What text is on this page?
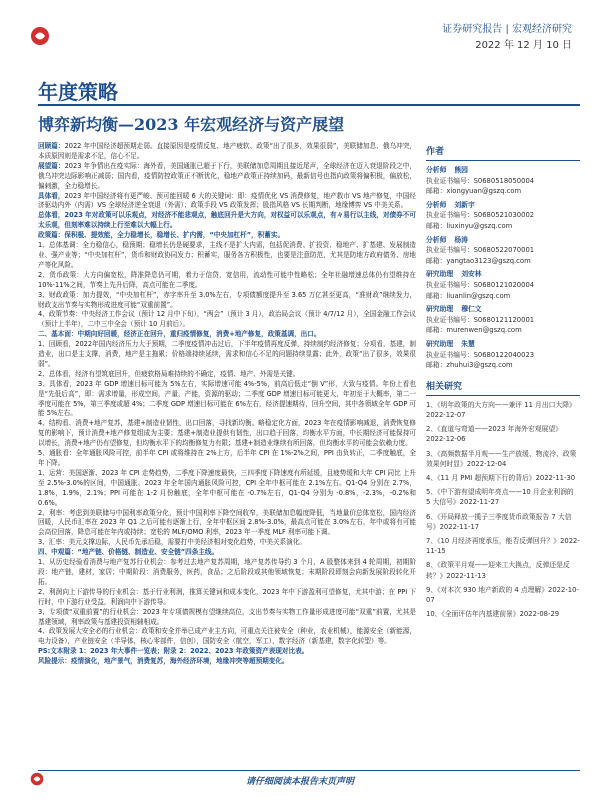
证券研究报告 | 宏观经济研究
2022 年 12 月 10 日
年度策略
博弈新均衡—2023 年宏观经济与资产展望

回顾篇：2022 年中国经济超预期走弱。直接原因是疫情反复、地产疲软、政策“出了很多，效果很弱”，美联储加息、俄乌冲突，本质原因则是需求不足，信心不足。

展望篇：2023 年争情出在疫实际：海外看，美国通胀已超于下行，美联储加息周期且接近尾声，全球经济在迈入衰退阶段之中，俄乌冲突边际影响正减弱；国内看，疫情防控政策正不断优化，稳地产政策正持续加码，最新信号也指向政策将偏积极，偏放松，偏刺激，全力稳增长。

具体看，2023 年中国经济将有更严峻、预可能回暖 6 大的关键词：即：疫情优化 VS 消费修复，地产救市 VS 地产修复，中国经济驱动内外（内需）VS 全球经济逆全衰退（外需）；政策手段 VS 政策发挥；股指风格 VS 长期判断，地缘博弈 VS 中美关系。

总体看，2023 年对政策可以乐观点，对经济不能悲观点，触底回升是大方向，对权益可以乐观点，有々易行以主线，对债券不可太乐观，但刻率难以持续上行至难以大幅上行。

政策篇：保积极、提效能，全力稳增长，稳增长、扩内需，“中央加杠杆”，积蓄实。

1、总体基调：全力稳信心，稳预期；稳增长仍是硬要求，主线不是扩大内需，包括促消费、扩投资、稳地产、扩基建、发展制造业、强产业等；“中央加杠杆”，货币和财政协同发力；积蓄实，服务各方积极性，也要是注意防范，尤其是防地方政府债务、房地产等化风险。

2、货币政策：大方向偏宽松，降准降息仍可期，着力于信贷，宽信用，流动性可能中性略松；全年社融增速总体仍有望维持在 10%-11%之间，节奏上先升后降，高点可能在二季度。

3、财政政策：加力提效，“中央加杠杆”，赤字率升至 3.0%左右，专项债额度提升至 3.65 万亿甚至更高，“准财政”继续发力，财政支出节奏与实物形成进度可能“双重前置”。

4、政策节奏：中央经济工作会议（预计 12 月中下旬），“两会”（预计 3 月），政治局会议（预计 4/7/12 月），全国金融工作会议（预计上半年），二中三中全会（预计 10 月前后）。

二、基本面：中期向好回暖，经济正在回升，重归疫情修复，消费+地产修复，政策基调，出口。

1、回顾看，2022年国内经济压力大于预期，二季度疫情冲击过后，下半年疫情再度反弹，持续制约经济修复；分项看，基建，制造业，出口是主支撑，消费，地产是主拖累；价格端持续延续，需求和信心不足的问题持续显露；此外，政策“出了很多，效果很弱”。

2、总体看，经济有望筑底回升，但疲软格局难持续的不确定，疫情、地产、外需是关键。

3、具体看，2023 年 GDP 增速目标可能为 5%左右，实际增速可能 4%-5%，前高后低走“倒 V”形，大致与疫情。年份上看也是“先低后高”，即：需求增量，形成空间，产量，产能，资源的驱动；二季度 GDP 增速目标可能更大，年初至于大概率，第二一季度可能在 5%，第三季度或超 4%；二季度 GDP 增速目标可能在 6%左右，经济提速期待，回升空间，其中各领域全年 GDP 可能 5%左右。

4、结构看、消费+地产复苏，基建+制造业韧性，出口回落，寻找新均衡。略稳定化方面，2023 年在疫情影响减退，消费恢复修复的影响下，预计消费+地产修复组成为主要；基建+制造业提供有韧性，出口趋于回落，均衡水平方面，中长期经济可能保持可以增长，消费+地产仍有望修复，但均衡水平下的均衡修复力有限；基建+制造业继续有所回落，但均衡水平的可能会依赖力度。

5、通胀看：全年通胀风险可控，前半年 CPI 或将维持在 2%上方，后半年 CPI 在 1%-2%之间，PPI 由负转正，二季度触底，全年下降。

1、运营：美国逐渐、2023 年 CPI 走势趋势，二季度下降速度最快，三四季度下降速度有所延缓，且疲势缓和大年 CPI 同比 上升至 2.5%-3.0%的区间，中国通胀、2023 年全年国内通胀风险可控，CPI 全年中枢可能在 2.1%左右。Q1-Q4 分别在 2.7%，1.8%，1.9%，2.1%；PPI 可能在 1-2 月份触底，全年中枢可能在 -0.7%左右，Q1-Q4 分别为 -0.8%，-2.3%，-0.2%和 0.6%。

2、利率：考虑到美联储与中国利率政策分化，预计中国利率下降空间收窄，美联储加息幅度降低，当地量价总体宽松，国内经济回暖，人民币汇率在 2023 年 Q1 之后可能有逐渐上行，全年中枢区间 2.8%-3.0%，最高点可能在 3.0%左右，年中或将有可能会高位回落，降息可能在年内或持续；宽松的 MLF/OMO 利率，2023 年一季度 MLF 利率可能下调。

3、汇率：美元支撑边际，人民币先承后稳，需要打中美经济相对变化趋势，中美关系演化。

四、中观篇：“地产链、价格链、制造业、安全链”四条主线。

1、从历史经验看消费与地产复苏行业机会：参考过去地产复苏周期，地产复苏传导约 3 个月，A 股整体来到 4 轮周期，初期阶段：地产链，建材，家居；中期阶段：消费服务，医药，食品；之后阶段或其他领域恢复；末期阶段即刻会向新发展阶段转化开拓。

2、利润向上下游传导的行业机会：基于行业利润，推算关键词和成本变化，2023 年中下游盈利可望修复，尤其中游；在 PPI 下行时，中下游行业受益，利润向中下游传导。

3、专项债“双重前置”的行业机会：2023 年专项债规模有望继续高位，支出节奏与实物工作量形成进度可能“双重”前置，尤其是基建领域，利率政策与基建投资相辅相成。

4、政策发展大安全必的行业机会：政策和安全并举已成产业主方向，可重点关注被安全（种业，农业机械），能源安全（新能源，电力设备），产业链安全（半导体，核心零部件，信创），国防安全（航空，军工），数字经济（新基建，数字化转型）等。

PS:文本附录 1：2023 年大事件一览表；附录 2：2022、2023 年政策资产表现对比表。

风险提示：疫情演化，地产景气，消费复苏，海外经济环境，地缘冲突等超预期变化。

作者
分析师 熊园
执业证书编号：S0680518050004
邮箱：xiongyuan@gszq.com
分析师 刘新宇
执业证书编号：S0680521030002
邮箱：liuxinyu@gszq.com
分析师 杨涛
执业证书编号：S0680522070001
邮箱：yangtao3123@gszq.com
研究助理 刘安林
执业证书编号：S0680121020004
邮箱：liuanlin@gszq.com
研究助理 穆仁文
执业证书编号：S0680121120001
邮箱：murenwen@gszq.com
研究助理 朱慧
执业证书编号：S0680122040023
邮箱：zhuhui3@gszq.com
相关研究
1、《明年政策的大方向——兼评 11 月出口大降》2022-12-07
2、《直道与弯道——2023 年海外宏观展望》2022-12-06
3、《高频数据半月观——生产放缓、物流冷、政策效果何时显》2022-12-04
4、《11 月 PMI 超预期下行的背后》2022-11-30
5、《中下游有望成明年亮点——10 月企业利润的 5 大信号》2022-11-27
6、《开局释放一揽子三季度货币政策报告 7 大信号》2022-11-17
7、《10 月经济再度承压，能否反弹回升？》2022-11-15
8、《政策平月观——迎来工大换点，反弹还是反转？》2022-11-13
9、《对本次 930 地产新政的 4 点理解》2022-10-07
10、《全面评估年内基建前景》2022-08-29
请仔细阅读本报告末页声明
